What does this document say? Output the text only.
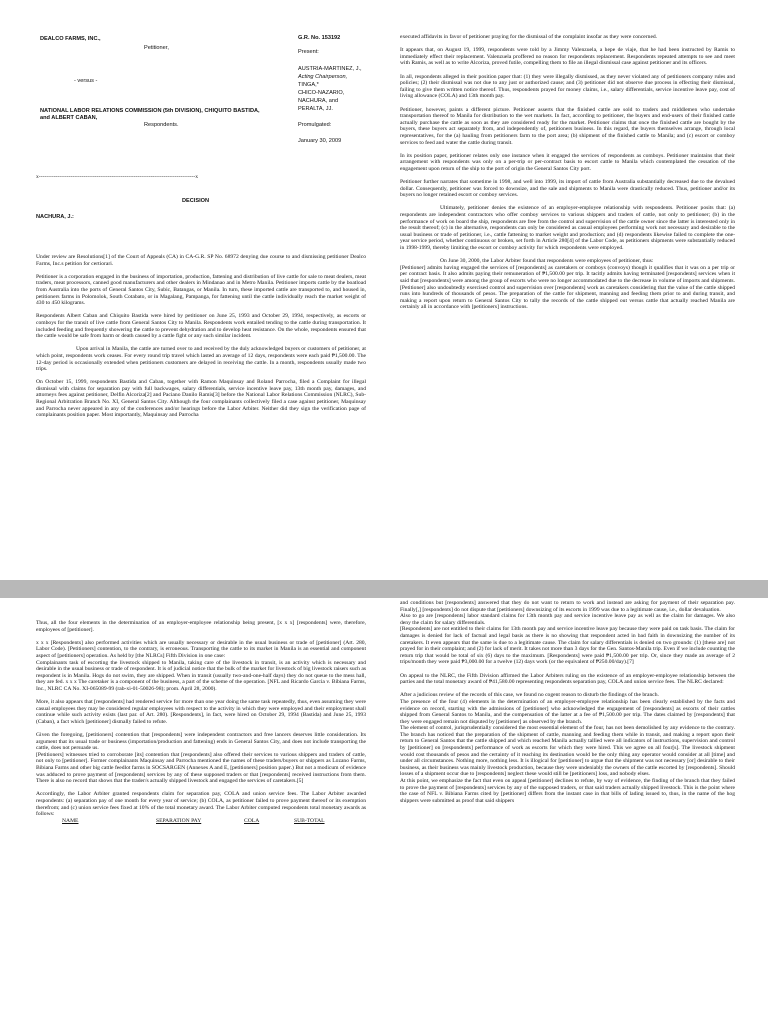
DEALCO FARMS, INC.,
Petitioner,
- versus -
NATIONAL LABOR RELATIONS COMMISSION (5th DIVISION), CHIQUITO BASTIDA, and ALBERT CABAN,
Respondents.
G.R. No. 153192
Present:
AUSTRIA-MARTINEZ, J.,
Acting Chairperson,
TINGA,*
CHICO-NAZARIO,
NACHURA, and
PERALTA, JJ.
Promulgated:
January 30, 2009
x------------------------------------------------------------------------------------x
DECISION
NACHURA, J.:

Under review are Resolutions[1] of the Court of Appeals (CA) in CA-G.R. SP No. 68972 denying due course to and dismissing petitioner Dealco Farms, Inc.s petition for certiorari.

Petitioner is a corporation engaged in the business of importation, production, fattening and distribution of live cattle for sale to meat dealers, meat traders, meat processors, canned good manufacturers and other dealers in Mindanao and in Metro Manila. Petitioner imports cattle by the boatload from Australia into the ports of General Santos City, Subic, Batangas, or Manila. In turn, these imported cattle are transported to, and housed in, petitioners farms in Polomolok, South Cotabato, or in Magalang, Pampanga, for fattening until the cattle individually reach the market weight of 430 to 450 kilograms.

Respondents Albert Caban and Chiquito Bastida were hired by petitioner on June 25, 1993 and October 29, 1994, respectively, as escorts or comboys for the transit of live cattle from General Santos City to Manila. Respondents work entailed tending to the cattle during transportation. It included feeding and frequently showering the cattle to prevent dehydration and to develop heat resistance. On the whole, respondents ensured that the cattle would be safe from harm or death caused by a cattle fight or any such similar incident.

Upon arrival in Manila, the cattle are turned over to and received by the duly acknowledged buyers or customers of petitioner, at which point, respondents work ceases. For every round trip travel which lasted an average of 12 days, respondents were each paid ₱1,500.00. The 12-day period is occasionally extended when petitioners customers are delayed in receiving the cattle. In a month, respondents usually made two trips.

On October 15, 1999, respondents Bastida and Caban, together with Ramon Maquinsay and Roland Parrocha, filed a Complaint for illegal dismissal with claims for separation pay with full backwages, salary differentials, service incentive leave pay, 13th month pay, damages, and attorneys fees against petitioner, Delfin Alcoriza[2] and Paciano Danilo Ramis[3] before the National Labor Relations Commission (NLRC), Sub-Regional Arbitration Branch No. XI, General Santos City. Although the four complainants collectively filed a case against petitioner, Maquinsay and Parrocha never appeared in any of the conferences and/or hearings before the Labor Arbiter. Neither did they sign the verification page of complainants position paper. Most importantly, Maquinsay and Parrocha

executed affidavits in favor of petitioner praying for the dismissal of the complaint insofar as they were concerned.

It appears that, on August 19, 1999, respondents were told by a Jimmy Valenzuela, a hepe de viaje, that he had been instructed by Ramis to immediately effect their replacement. Valenzuela proffered no reason for respondents replacement. Respondents repeated attempts to see and meet with Ramis, as well as to write Alcoriza, proved futile, compelling them to file an illegal dismissal case against petitioner and its officers.

In all, respondents alleged in their position paper that: (1) they were illegally dismissed, as they never violated any of petitioners company rules and policies; (2) their dismissal was not due to any just or authorized cause; and (3) petitioner did not observe due process in effecting their dismissal, failing to give them written notice thereof. Thus, respondents prayed for money claims, i.e., salary differentials, service incentive leave pay, cost of living allowance (COLA) and 13th month pay.

Petitioner, however, paints a different picture. Petitioner asserts that the finished cattle are sold to traders and middlemen who undertake transportation thereof to Manila for distribution to the wet markets. In fact, according to petitioner, the buyers and end-users of their finished cattle actually purchase the cattle as soon as they are considered ready for the market. Petitioner claims that once the finished cattle are bought by the buyers, these buyers act separately from, and independently of, petitioners business. In this regard, the buyers themselves arrange, through local representatives, for the (a) hauling from petitioners farm to the port area; (b) shipment of the finished cattle to Manila; and (c) escort or comboy services to feed and water the cattle during transit.

In its position paper, petitioner relates only one instance when it engaged the services of respondents as comboys. Petitioner maintains that their arrangement with respondents was only on a per-trip or per-contract basis to escort cattle to Manila which contemplated the cessation of the engagement upon return of the ship to the port of origin the General Santos City port.

Petitioner further narrates that sometime in 1998, and well into 1999, its import of cattle from Australia substantially decreased due to the devalued dollar. Consequently, petitioner was forced to downsize, and the sale and shipments to Manila were drastically reduced. Thus, petitioner and/or its buyers no longer retained escort or comboy services.

Ultimately, petitioner denies the existence of an employer-employee relationship with respondents. Petitioner posits that: (a) respondents are independent contractors who offer comboy services to various shippers and traders of cattle, not only to petitioner; (b) in the performance of work on board the ship, respondents are free from the control and supervision of the cattle owner since the latter is interested only in the result thereof; (c) in the alternative, respondents can only be considered as casual employees performing work not necessary and desirable to the usual business or trade of petitioner, i.e., cattle fattening to market weight and production; and (d) respondents likewise failed to complete the one-year service period, whether continuous or broken, set forth in Article 280[4] of the Labor Code, as petitioners shipments were substantially reduced in 1998-1999, thereby limiting the escort or comboy activity for which respondents were employed.

On June 30, 2000, the Labor Arbiter found that respondents were employees of petitioner, thus:

[Petitioner] admits having engaged the services of [respondents] as caretakers or comboys (convoys) though it qualifies that it was on a per trip or per contract basis. It also admits paying their remuneration of ₱1,500.00 per trip. It tacitly admits having terminated [respondents] services when it said that [respondents] were among the group of escorts who were no longer accommodated due to the decrease in volume of imports and shipments. [Petitioner] also undoubtedly exercised control and supervision over [respondents] work as caretakers considering that the value of the cattle shipped runs into hundreds of thousands of pesos. The preparation of the cattle for shipment, manning and feeding them prior to and during transit, and making a report upon return to General Santos City to tally the records of the cattle shipped out versus cattle that actually reached Manila are certainly all in accordance with [petitioners] instructions.

Thus, all the four elements in the determination of an employer-employee relationship being present, [x x x] [respondents] were, therefore, employees of [petitioner].

x x x [Respondents] also performed activities which are usually necessary or desirable in the usual business or trade of [petitioner] (Art. 280, Labor Code). [Petitioners] contention, to the contrary, is erroneous. Transporting the cattle to its market in Manila is an essential and component aspect of [petitioners] operation. As held by [the NLRCs] Fifth Division in one case:

Complainants task of escorting the livestock shipped to Manila, taking care of the livestock in transit, is an activity which is necessary and desirable in the usual business or trade of respondent. It is of judicial notice that the bulk of the market for livestock of big livestock raisers such as respondent is in Manila. Hogs do not swim, they are shipped. When in transit (usually two-and-one-half days) they do not queue to the mess hall, they are fed. x x x The caretaker is a component of the business, a part of the scheme of the operation. [NFL and Ricardo Garcia v. Bibiana Farms, Inc., NLRC CA No. XI-065089-99 (rab-xi-01-50026-98); prom. April 28, 2000).

More, it also appears that [respondents] had rendered service for more than one year doing the same task repeatedly, thus, even assuming they were casual employees they may be considered regular employees with respect to the activity in which they were employed and their employment shall continue while such activity exists (last par. of Art. 280). [Respondents], in fact, were hired on October 29, 1994 (Bastida) and June 25, 1993 (Caban), a fact which [petitioner] dismally failed to refute.

Given the foregoing, [petitioners] contention that [respondents] were independent contractors and free lancers deserves little consideration. Its argument that its usual trade or business (importation/production and fattening) ends in General Santos City, and does not include transporting the cattle, does not persuade us.

[Petitioners] witnesses tried to corroborate [its] contention that [respondents] also offered their services to various shippers and traders of cattle, not only to [petitioner]. Former complainants Maquinsay and Parrocha mentioned the names of these traders/buyers or shippers as Lozano Farms, Bibiana Farms and other big cattle feedlot farms in SOCSARGEN (Annexes A and E, [petitioners] position paper.) But not a modicum of evidence was adduced to prove payment of [respondents] services by any of these supposed traders or that [respondents] received instructions from them. There is also no record that shows that the trader/s actually shipped livestock and engaged the services of caretakers.[5]

Accordingly, the Labor Arbiter granted respondents claim for separation pay, COLA and union service fees. The Labor Arbiter awarded respondents: (a) separation pay of one month for every year of service; (b) COLA, as petitioner failed to prove payment thereof or its exemption therefrom; and (c) union service fees fixed at 10% of the total monetary award. The Labor Arbiter computed respondents total monetary awards as follows:

NAME	SEPARATION PAY	COLA	SUB-TOTAL

and conditions but [respondents] answered that they do not want to return to work and instead are asking for payment of their separation pay. Finally[,] [respondents] do not dispute that [petitioners] downsizing of its escorts in 1999 was due to a legitimate cause, i.e., dollar devaluation.

Also to go are [respondents] labor standard claims for 13th month pay and service incentive leave pay as well as the claim for damages. We also deny the claim for salary differentials.

[Respondents] are not entitled to their claims for 13th month pay and service incentive leave pay because they were paid on task basis. The claim for damages is denied for lack of factual and legal basis as there is no showing that respondent acted in bad faith in downsizing the number of its caretakers. It even appears that the same is due to a legitimate cause. The claim for salary differentials is denied on two grounds: (1) [these are] not prayed for in their complaint; and (2) for lack of merit. It takes not more than 3 days for the Gen. Santos-Manila trip. Even if we include counting the return trip that would be total of six (6) days to the maximum. [Respondents] were paid ₱1,500.00 per trip. Or, since they made an average of 2 trips/month they were paid ₱3,000.00 for a twelve (12) days work (or the equivalent of ₱250.00/day).[7]

On appeal to the NLRC, the Fifth Division affirmed the Labor Arbiters ruling on the existence of an employer-employee relationship between the parties and the total monetary award of ₱41,580.00 representing respondents separation pay, COLA and union service fees. The NLRC declared:

After a judicious review of the records of this case, we found no cogent reason to disturb the findings of the branch.

The presence of the four (4) elements in the determination of an employer-employee relationship has been clearly established by the facts and evidence on record, starting with the admissions of [petitioner] who acknowledged the engagement of [respondents] as escorts of their cattles shipped from General Santos to Manila, and the compensation of the latter at a fee of ₱1,500.00 per trip. The dates claimed by [respondents] that they were engaged remain not disputed by [petitioner] as observed by the branch.

The element of control, jurisprudentially considered the most essential element of the four, has not been demolished by any evidence to the contrary. The branch has noticed that the preparation of the shipment of cattle, manning and feeding them while in transit, and making a report upon their return to General Santos that the cattle shipped and which reached Manila actually tallied were all indicators of instructions, supervision and control by [petitioner] on [respondents] performance of work as escorts for which they were hired. This we agree on all four[s]. The livestock shipment would cost thousands of pesos and the certainty of it reaching its destination would be the only thing any operator would consider at all [time] and under all circumstances. Nothing more, nothing less. It is illogical for [petitioner] to argue that the shipment was not necessary [or] desirable to their business, as their business was mainly livestock production, because they were undeniably the owners of the cattle escorted by [respondents]. Should losses of a shipment occur due to [respondents] neglect these would still be [petitioners] loss, and nobody elses.

At this point, we emphasize the fact that even on appeal [petitioner] declines to refute, by way of evidence, the finding of the branch that they failed to prove the payment of [respondents] services by any of the supposed traders, or that said traders actually shipped livestock. This is the point where the case of NFL v. Bibiana Farms cited by [petitioner] differs from the instant case in that bills of lading issued to, thus, in the name of the hog shippers were submitted as proof that said shippers
